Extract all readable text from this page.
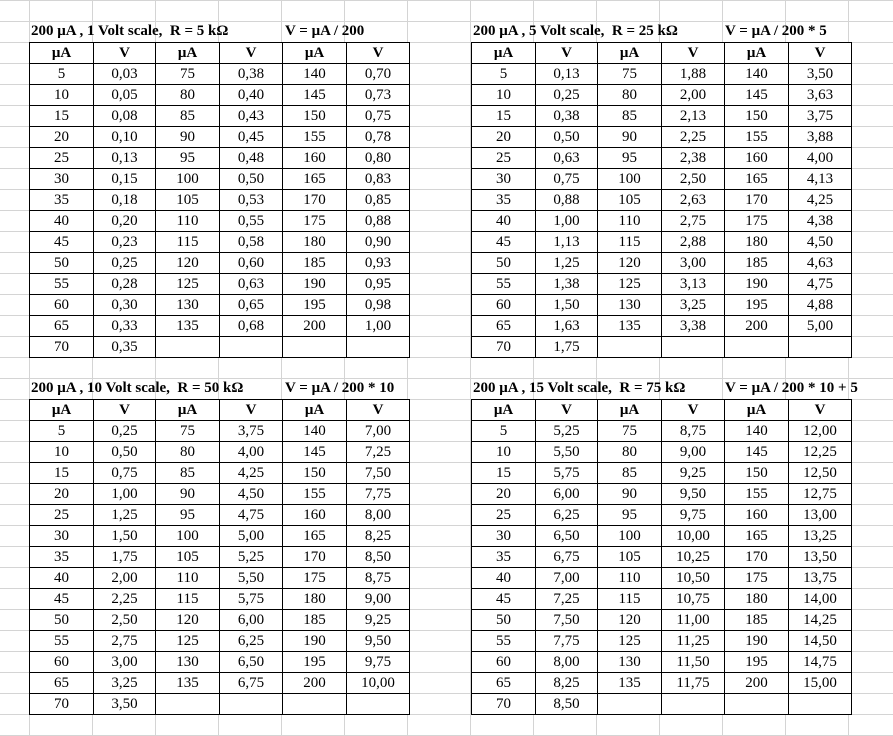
200 μA , 1 Volt scale,  R = 5 kΩ

	V = μA / 200

μA	V	μA	V	μA	V
5	0,03	75	0,38	140	0,70
10	0,05	80	0,40	145	0,73
15	0,08	85	0,43	150	0,75
20	0,10	90	0,45	155	0,78
25	0,13	95	0,48	160	0,80
30	0,15	100	0,50	165	0,83
35	0,18	105	0,53	170	0,85
40	0,20	110	0,55	175	0,88
45	0,23	115	0,58	180	0,90
50	0,25	120	0,60	185	0,93
55	0,28	125	0,63	190	0,95
60	0,30	130	0,65	195	0,98
65	0,33	135	0,68	200	1,00
70	0,35				

200 μA , 5 Volt scale,  R = 25 kΩ

	V = μA / 200 * 5

μA	V	μA	V	μA	V
5	0,13	75	1,88	140	3,50
10	0,25	80	2,00	145	3,63
15	0,38	85	2,13	150	3,75
20	0,50	90	2,25	155	3,88
25	0,63	95	2,38	160	4,00
30	0,75	100	2,50	165	4,13
35	0,88	105	2,63	170	4,25
40	1,00	110	2,75	175	4,38
45	1,13	115	2,88	180	4,50
50	1,25	120	3,00	185	4,63
55	1,38	125	3,13	190	4,75
60	1,50	130	3,25	195	4,88
65	1,63	135	3,38	200	5,00
70	1,75				

200 μA , 10 Volt scale,  R = 50 kΩ

	V = μA / 200 * 10

μA	V	μA	V	μA	V
5	0,25	75	3,75	140	7,00
10	0,50	80	4,00	145	7,25
15	0,75	85	4,25	150	7,50
20	1,00	90	4,50	155	7,75
25	1,25	95	4,75	160	8,00
30	1,50	100	5,00	165	8,25
35	1,75	105	5,25	170	8,50
40	2,00	110	5,50	175	8,75
45	2,25	115	5,75	180	9,00
50	2,50	120	6,00	185	9,25
55	2,75	125	6,25	190	9,50
60	3,00	130	6,50	195	9,75
65	3,25	135	6,75	200	10,00
70	3,50				

200 μA , 15 Volt scale,  R = 75 kΩ

	V = μA / 200 * 10 + 5

μA	V	μA	V	μA	V
5	5,25	75	8,75	140	12,00
10	5,50	80	9,00	145	12,25
15	5,75	85	9,25	150	12,50
20	6,00	90	9,50	155	12,75
25	6,25	95	9,75	160	13,00
30	6,50	100	10,00	165	13,25
35	6,75	105	10,25	170	13,50
40	7,00	110	10,50	175	13,75
45	7,25	115	10,75	180	14,00
50	7,50	120	11,00	185	14,25
55	7,75	125	11,25	190	14,50
60	8,00	130	11,50	195	14,75
65	8,25	135	11,75	200	15,00
70	8,50				
